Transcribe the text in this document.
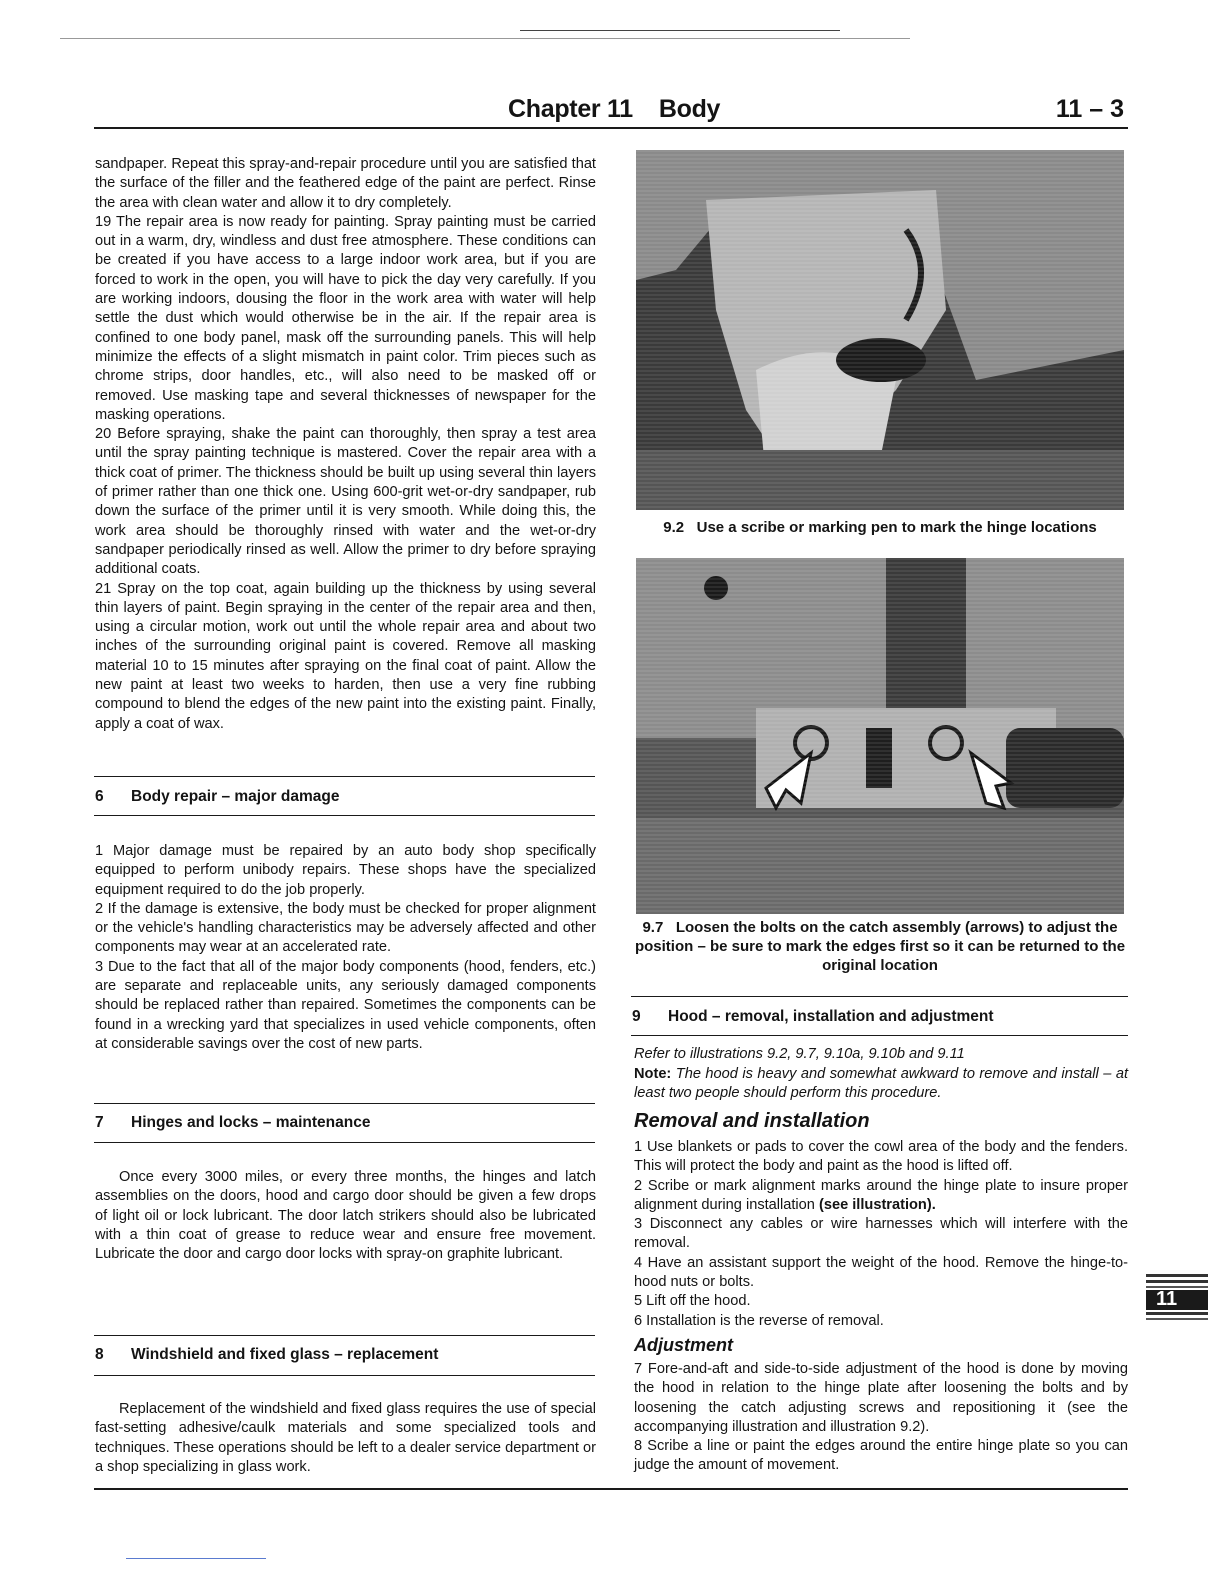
Chapter 11 Body	11 – 3

sandpaper. Repeat this spray-and-repair procedure until you are satisfied that the surface of the filler and the feathered edge of the paint are perfect. Rinse the area with clean water and allow it to dry completely.

19 The repair area is now ready for painting. Spray painting must be carried out in a warm, dry, windless and dust free atmosphere. These conditions can be created if you have access to a large indoor work area, but if you are forced to work in the open, you will have to pick the day very carefully. If you are working indoors, dousing the floor in the work area with water will help settle the dust which would otherwise be in the air. If the repair area is confined to one body panel, mask off the surrounding panels. This will help minimize the effects of a slight mismatch in paint color. Trim pieces such as chrome strips, door handles, etc., will also need to be masked off or removed. Use masking tape and several thicknesses of newspaper for the masking operations.

20 Before spraying, shake the paint can thoroughly, then spray a test area until the spray painting technique is mastered. Cover the repair area with a thick coat of primer. The thickness should be built up using several thin layers of primer rather than one thick one. Using 600-grit wet-or-dry sandpaper, rub down the surface of the primer until it is very smooth. While doing this, the work area should be thoroughly rinsed with water and the wet-or-dry sandpaper periodically rinsed as well. Allow the primer to dry before spraying additional coats.

21 Spray on the top coat, again building up the thickness by using several thin layers of paint. Begin spraying in the center of the repair area and then, using a circular motion, work out until the whole repair area and about two inches of the surrounding original paint is covered. Remove all masking material 10 to 15 minutes after spraying on the final coat of paint. Allow the new paint at least two weeks to harden, then use a very fine rubbing compound to blend the edges of the new paint into the existing paint. Finally, apply a coat of wax.

6 Body repair – major damage

1 Major damage must be repaired by an auto body shop specifically equipped to perform unibody repairs. These shops have the specialized equipment required to do the job properly.

2 If the damage is extensive, the body must be checked for proper alignment or the vehicle's handling characteristics may be adversely affected and other components may wear at an accelerated rate.

3 Due to the fact that all of the major body components (hood, fenders, etc.) are separate and replaceable units, any seriously damaged components should be replaced rather than repaired. Sometimes the components can be found in a wrecking yard that specializes in used vehicle components, often at considerable savings over the cost of new parts.

7 Hinges and locks – maintenance

Once every 3000 miles, or every three months, the hinges and latch assemblies on the doors, hood and cargo door should be given a few drops of light oil or lock lubricant. The door latch strikers should also be lubricated with a thin coat of grease to reduce wear and ensure free movement. Lubricate the door and cargo door locks with spray-on graphite lubricant.

8 Windshield and fixed glass – replacement

Replacement of the windshield and fixed glass requires the use of special fast-setting adhesive/caulk materials and some specialized tools and techniques. These operations should be left to a dealer service department or a shop specializing in glass work.

9.2 Use a scribe or marking pen to mark the hinge locations
9.7 Loosen the bolts on the catch assembly (arrows) to adjust the position – be sure to mark the edges first so it can be returned to the original location
9 Hood – removal, installation and adjustment
Refer to illustrations 9.2, 9.7, 9.10a, 9.10b and 9.11
Note: The hood is heavy and somewhat awkward to remove and install – at least two people should perform this procedure.
Removal and installation

1 Use blankets or pads to cover the cowl area of the body and the fenders. This will protect the body and paint as the hood is lifted off.

2 Scribe or mark alignment marks around the hinge plate to insure proper alignment during installation (see illustration).

3 Disconnect any cables or wire harnesses which will interfere with the removal.

4 Have an assistant support the weight of the hood. Remove the hinge-to-hood nuts or bolts.

5 Lift off the hood.

6 Installation is the reverse of removal.

Adjustment

7 Fore-and-aft and side-to-side adjustment of the hood is done by moving the hood in relation to the hinge plate after loosening the bolts and by loosening the catch adjusting screws and repositioning it (see the accompanying illustration and illustration 9.2).

8 Scribe a line or paint the edges around the entire hinge plate so you can judge the amount of movement.

11
